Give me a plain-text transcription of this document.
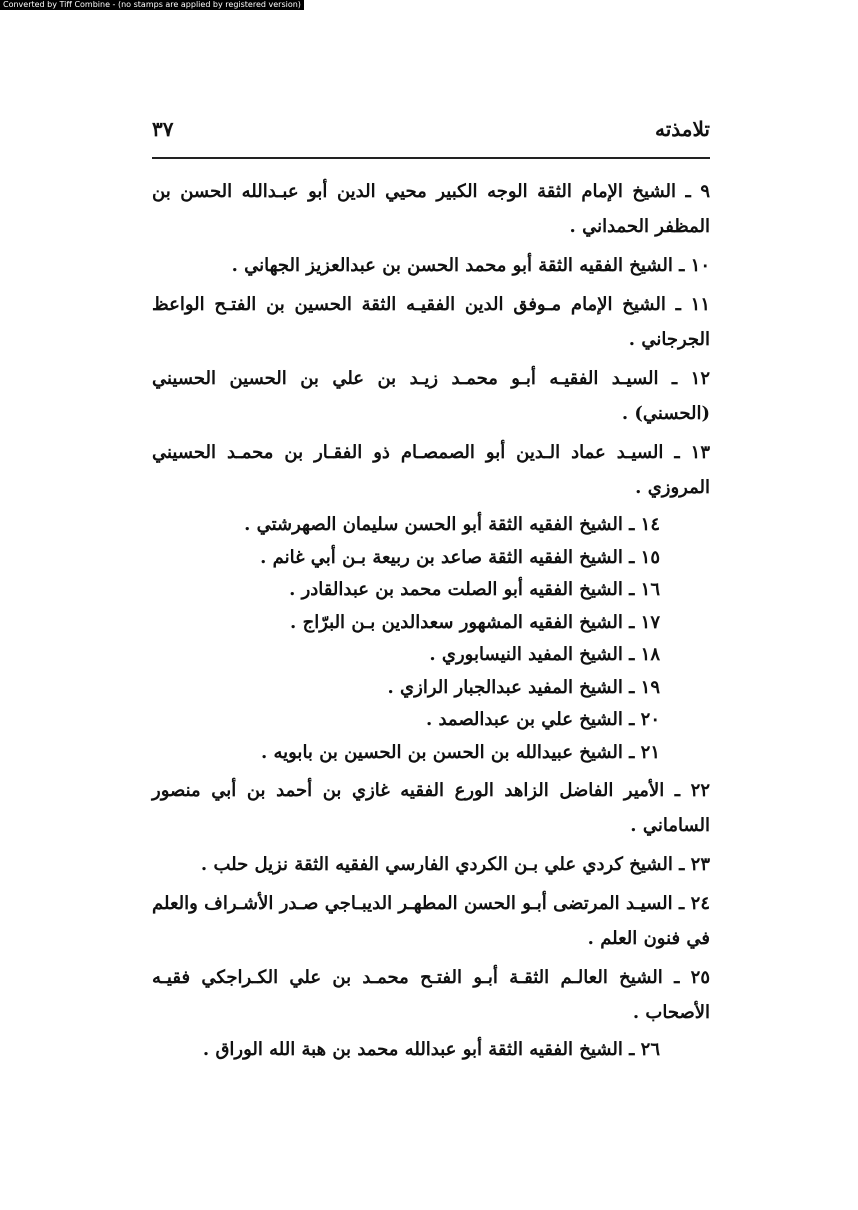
Converted by Tiff Combine - (no stamps are applied by registered version)
تلامذته
٣٧

٩ ـ الشيخ الإمام الثقة الوجه الكبير محيي الدين أبو عبـدالله الحسن بن المظفر الحمداني .

١٠ ـ الشيخ الفقيه الثقة أبو محمد الحسن بن عبدالعزيز الجهاني .

١١ ـ الشيخ الإمام مـوفق الدين الفقيـه الثقة الحسين بن الفتـح الواعظ الجرجاني .

١٢ ـ السيـد الفقيـه أبـو محمـد زيـد بن علي بن الحسين الحسيني (الحسني) .

١٣ ـ السيـد عماد الـدين أبو الصمصـام ذو الفقـار بن محمـد الحسيني المروزي .

١٤ ـ الشيخ الفقيه الثقة أبو الحسن سليمان الصهرشتي .

١٥ ـ الشيخ الفقيه الثقة صاعد بن ربيعة بـن أبي غانم .

١٦ ـ الشيخ الفقيه أبو الصلت محمد بن عبدالقادر .

١٧ ـ الشيخ الفقيه المشهور سعدالدين بـن البرّاج .

١٨ ـ الشيخ المفيد النيسابوري .

١٩ ـ الشيخ المفيد عبدالجبار الرازي .

٢٠ ـ الشيخ علي بن عبدالصمد .

٢١ ـ الشيخ عبيدالله بن الحسن بن الحسين بن بابويه .

٢٢ ـ الأمير الفاضل الزاهد الورع الفقيه غازي بن أحمد بن أبي منصور الساماني .

٢٣ ـ الشيخ كردي علي بـن الكردي الفارسي الفقيه الثقة نزيل حلب .

٢٤ ـ السيـد المرتضى أبـو الحسن المطهـر الديبـاجي صـدر الأشـراف والعلم في فنون العلم .

٢٥ ـ الشيخ العالـم الثقـة أبـو الفتـح محمـد بن علي الكـراجكي فقيـه الأصحاب .

٢٦ ـ الشيخ الفقيه الثقة أبو عبدالله محمد بن هبة الله الوراق .
